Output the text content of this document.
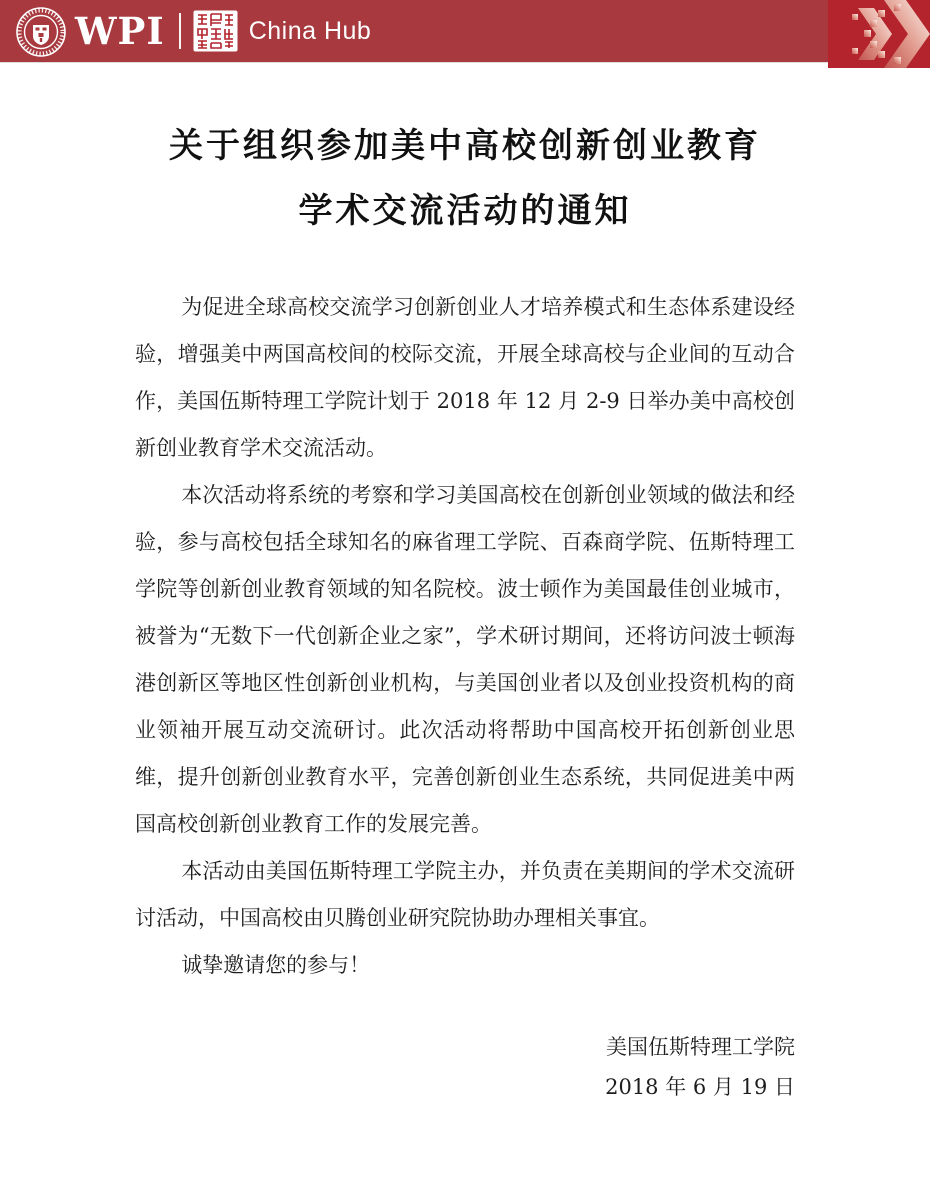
WPI	China Hub
关于组织参加美中高校创新创业教育
学术交流活动的通知

为促进全球高校交流学习创新创业人才培养模式和生态体系建设经验，增强美中两国高校间的校际交流，开展全球高校与企业间的互动合作，美国伍斯特理工学院计划于 2018 年 12 月 2-9 日举办美中高校创新创业教育学术交流活动。

本次活动将系统的考察和学习美国高校在创新创业领域的做法和经验，参与高校包括全球知名的麻省理工学院、百森商学院、伍斯特理工学院等创新创业教育领域的知名院校。波士顿作为美国最佳创业城市，被誉为“无数下一代创新企业之家”，学术研讨期间，还将访问波士顿海港创新区等地区性创新创业机构，与美国创业者以及创业投资机构的商业领袖开展互动交流研讨。此次活动将帮助中国高校开拓创新创业思维，提升创新创业教育水平，完善创新创业生态系统，共同促进美中两国高校创新创业教育工作的发展完善。

本活动由美国伍斯特理工学院主办，并负责在美期间的学术交流研讨活动，中国高校由贝腾创业研究院协助办理相关事宜。

诚挚邀请您的参与！

美国伍斯特理工学院
2018 年 6 月 19 日
